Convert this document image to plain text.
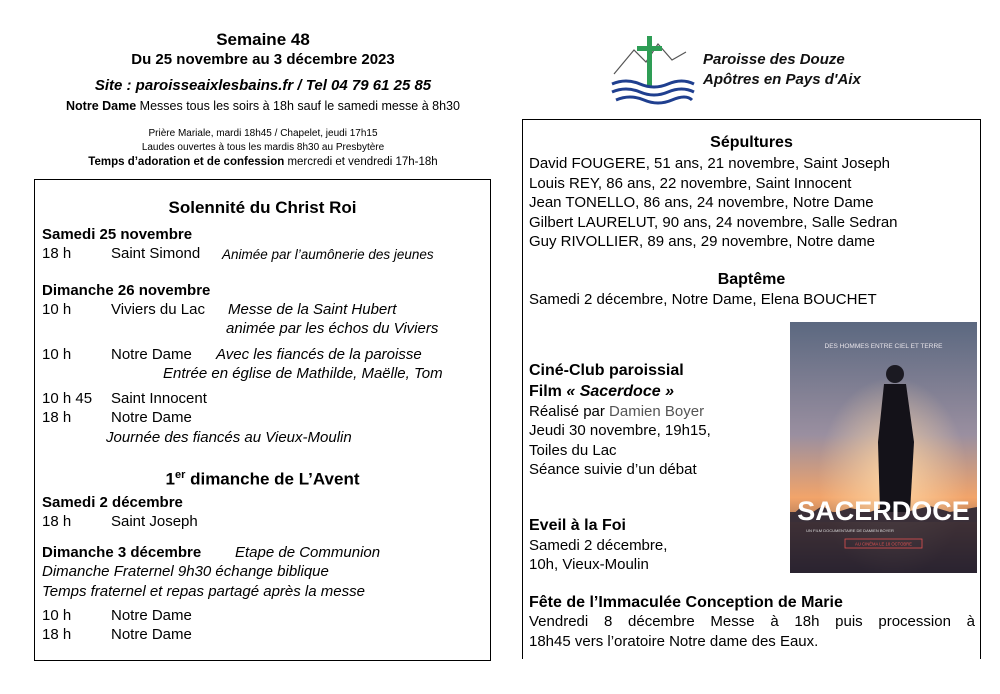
Semaine 48
Du 25 novembre au 3 décembre 2023
Site : paroisseaixlesbains.fr / Tel 04 79 61 25 85
Notre Dame Messes tous les soirs à 18h sauf le samedi messe à 8h30
Prière Mariale, mardi 18h45 / Chapelet, jeudi 17h15
Laudes ouvertes à tous les mardis 8h30 au Presbytère
Temps d’adoration et de confession mercredi et vendredi 17h-18h
Paroisse des Douze
Apôtres en Pays d'Aix
Solennité du Christ Roi
Samedi 25 novembre
18 h	Saint Simond Animée par l’aumônerie des jeunes
Dimanche 26 novembre
10 h	Viviers du Lac Messe de la Saint Hubert
animée par les échos du Viviers
10 h	Notre Dame Avec les fiancés de la paroisse
Entrée en église de Mathilde, Maëlle, Tom
10 h 45 Saint Innocent
18 h	Notre Dame
Journée des fiancés au Vieux-Moulin
1er dimanche de L’Avent
Samedi 2 décembre
18 h	Saint Joseph
Dimanche 3 décembre Etape de Communion
Dimanche Fraternel 9h30 échange biblique
Temps fraternel et repas partagé après la messe
10 h	Notre Dame
18 h	Notre Dame
Sépultures
David FOUGERE, 51 ans, 21 novembre, Saint Joseph
Louis REY, 86 ans, 22 novembre, Saint Innocent
Jean TONELLO, 86 ans, 24 novembre, Notre Dame
Gilbert LAURELUT, 90 ans, 24 novembre, Salle Sedran
Guy RIVOLLIER, 89 ans, 29 novembre, Notre dame
Baptême
Samedi 2 décembre, Notre Dame, Elena BOUCHET
Ciné-Club paroissial
Film « Sacerdoce »
Réalisé par Damien Boyer
Jeudi 30 novembre, 19h15,
Toiles du Lac
Séance suivie d’un débat
Eveil à la Foi
Samedi 2 décembre,
10h, Vieux-Moulin
Fête de l’Immaculée Conception de Marie
Vendredi 8 décembre Messe à 18h puis procession à
18h45 vers l’oratoire Notre dame des Eaux.
DES HOMMES ENTRE CIEL ET TERRE
SACERDOCE
UN FILM DOCUMENTAIRE DE DAMIEN BOYER
AU CINÉMA LE 18 OCTOBRE
